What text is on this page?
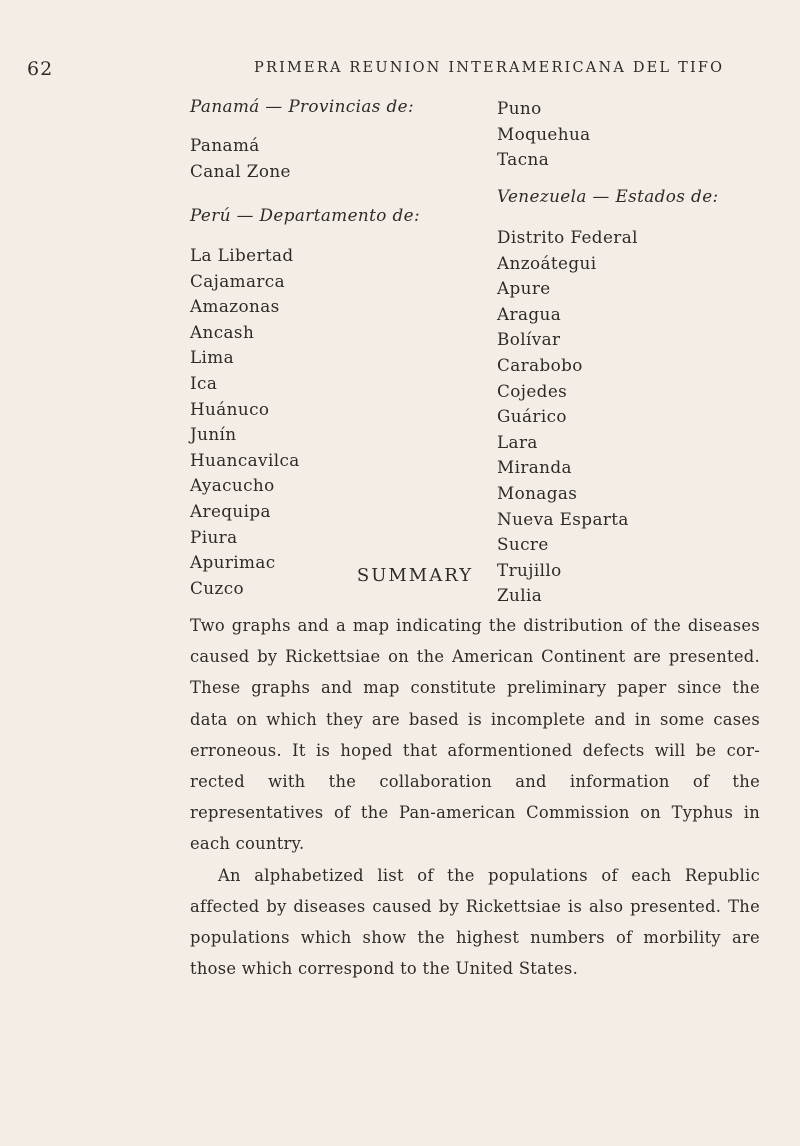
62	PRIMERA REUNION INTERAMERICANA DEL TIFO
Panamá — Provincias de:
Panamá
Canal Zone
Perú — Departamento de:
La Libertad
Cajamarca
Amazonas
Ancash
Lima
Ica
Huánuco
Junín
Huancavilca
Ayacucho
Arequipa
Piura
Apurimac
Cuzco
Puno
Moquehua
Tacna
Venezuela — Estados de:
Distrito Federal
Anzoátegui
Apure
Aragua
Bolívar
Carabobo
Cojedes
Guárico
Lara
Miranda
Monagas
Nueva Esparta
Sucre
Trujillo
Zulia
SUMMARY

Two graphs and a map indicating the distribution of the diseases caused by Rickettsiae on the American Continent are presented. These graphs and map constitute preliminary paper since the data on which they are based is incomplete and in some cases erroneous. It is hoped that aformentioned defects will be cor-rected with the collaboration and information of the representatives of the Pan-american Commission on Typhus in each country.

An alphabetized list of the populations of each Republic affected by diseases caused by Rickettsiae is also presented. The populations which show the highest numbers of morbility are those which correspond to the United States.
